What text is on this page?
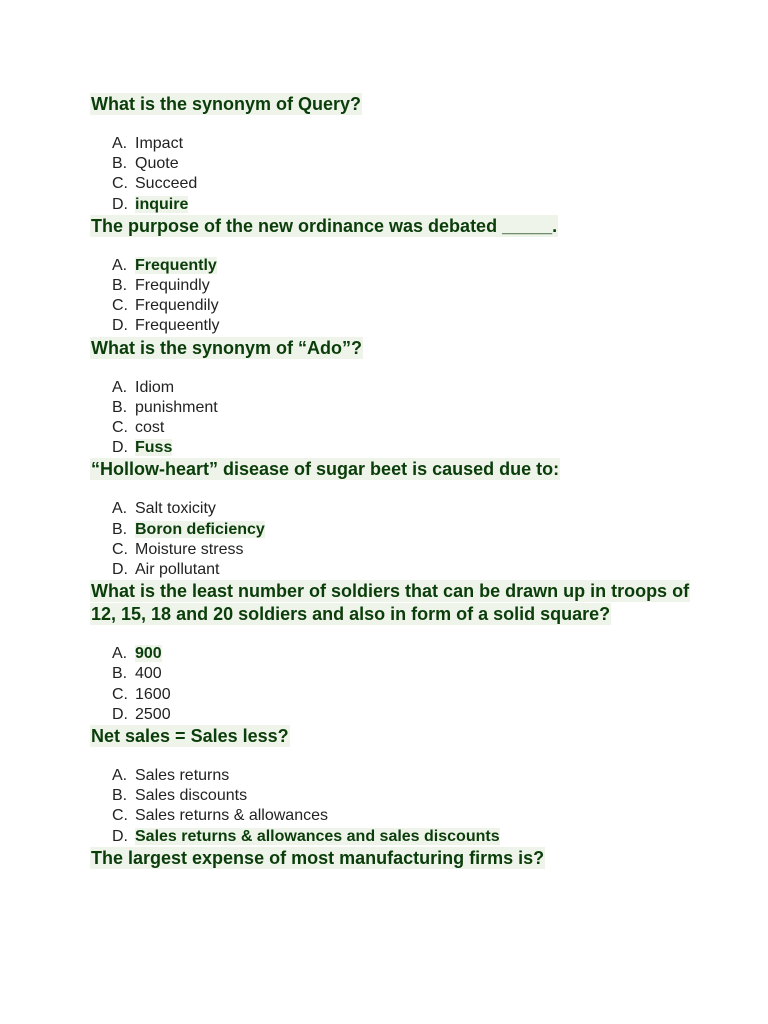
What is the synonym of Query?

A. Impact
B. Quote
C. Succeed
D. inquire

The purpose of the new ordinance was debated _____.

A. Frequently
B. Frequindly
C. Frequendily
D. Frequeently

What is the synonym of “Ado”?

A. Idiom
B. punishment
C. cost
D. Fuss

“Hollow-heart” disease of sugar beet is caused due to:

A. Salt toxicity
B. Boron deficiency
C. Moisture stress
D. Air pollutant

What is the least number of soldiers that can be drawn up in troops of 12, 15, 18 and 20 soldiers and also in form of a solid square?

A. 900
B. 400
C. 1600
D. 2500

Net sales = Sales less?

A. Sales returns
B. Sales discounts
C. Sales returns & allowances
D. Sales returns & allowances and sales discounts

The largest expense of most manufacturing firms is?
